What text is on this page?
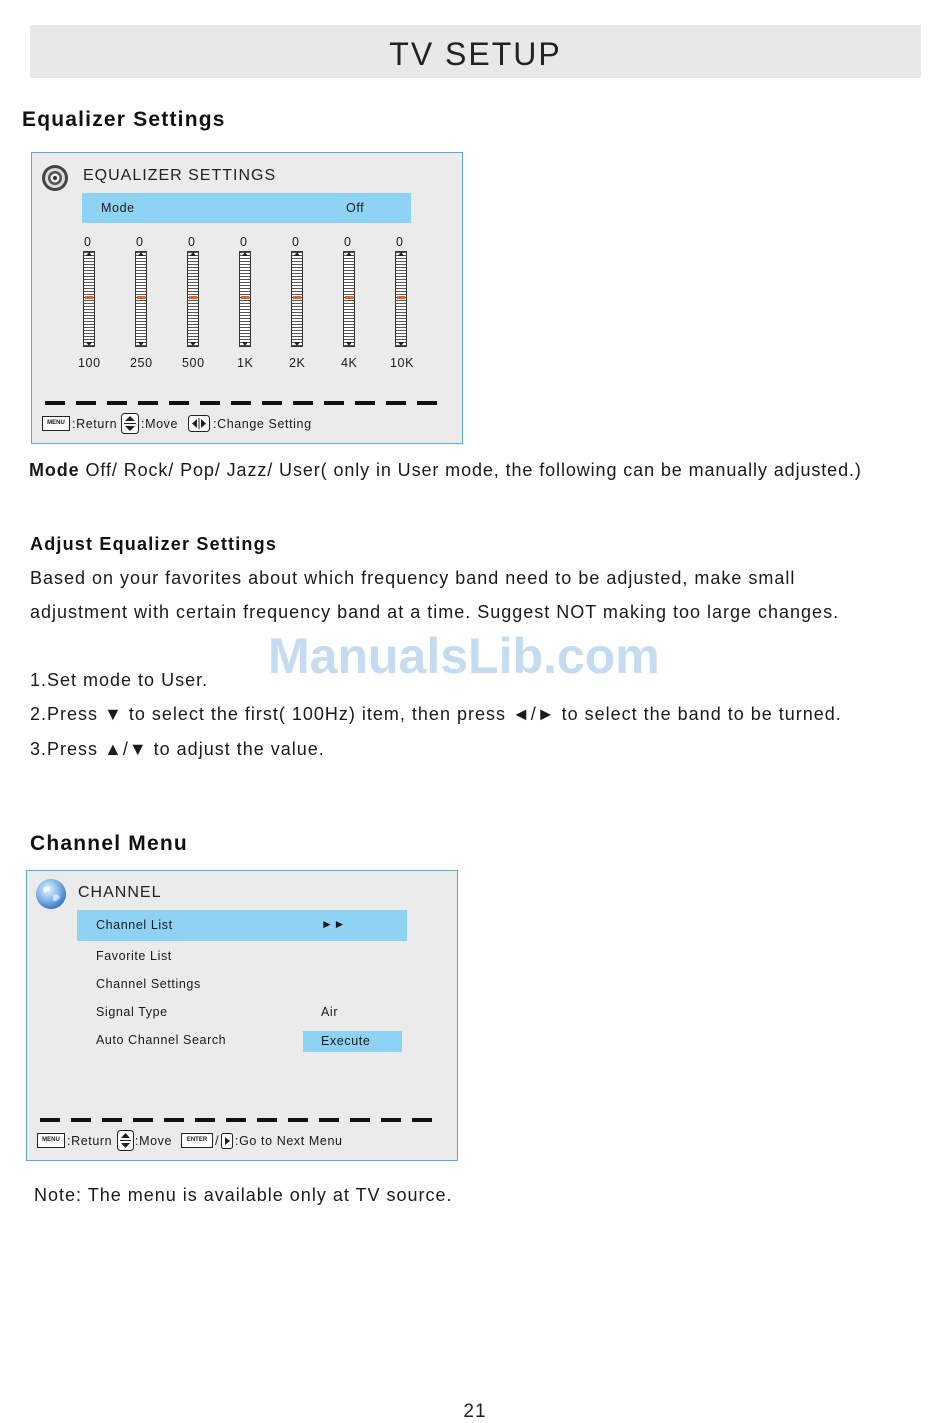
TV SETUP
Equalizer Settings
EQUALIZER SETTINGS
Mode	Off
0
100
0
250
0
500
0
1K
0
2K
0
4K
0
10K
MENU :Return :Move	:Change Setting
Mode Off/ Rock/ Pop/ Jazz/ User( only in User mode, the following can be manually adjusted.)
Adjust Equalizer Settings
Based on your favorites about which frequency band need to be adjusted, make small
adjustment with certain frequency band at a time. Suggest NOT making too large changes.
ManualsLib.com
1.Set mode to User.
2.Press ▼ to select the first( 100Hz) item, then press ◄/► to select the band to be turned.
3.Press ▲/▼ to adjust the value.
Channel Menu
CHANNEL
Channel List	►►
Favorite List
Channel Settings
Signal Type	Air
Auto Channel Search	Execute
MENU :Return :Move	ENTER / :Go to Next Menu
Note: The menu is available only at TV source.
21
